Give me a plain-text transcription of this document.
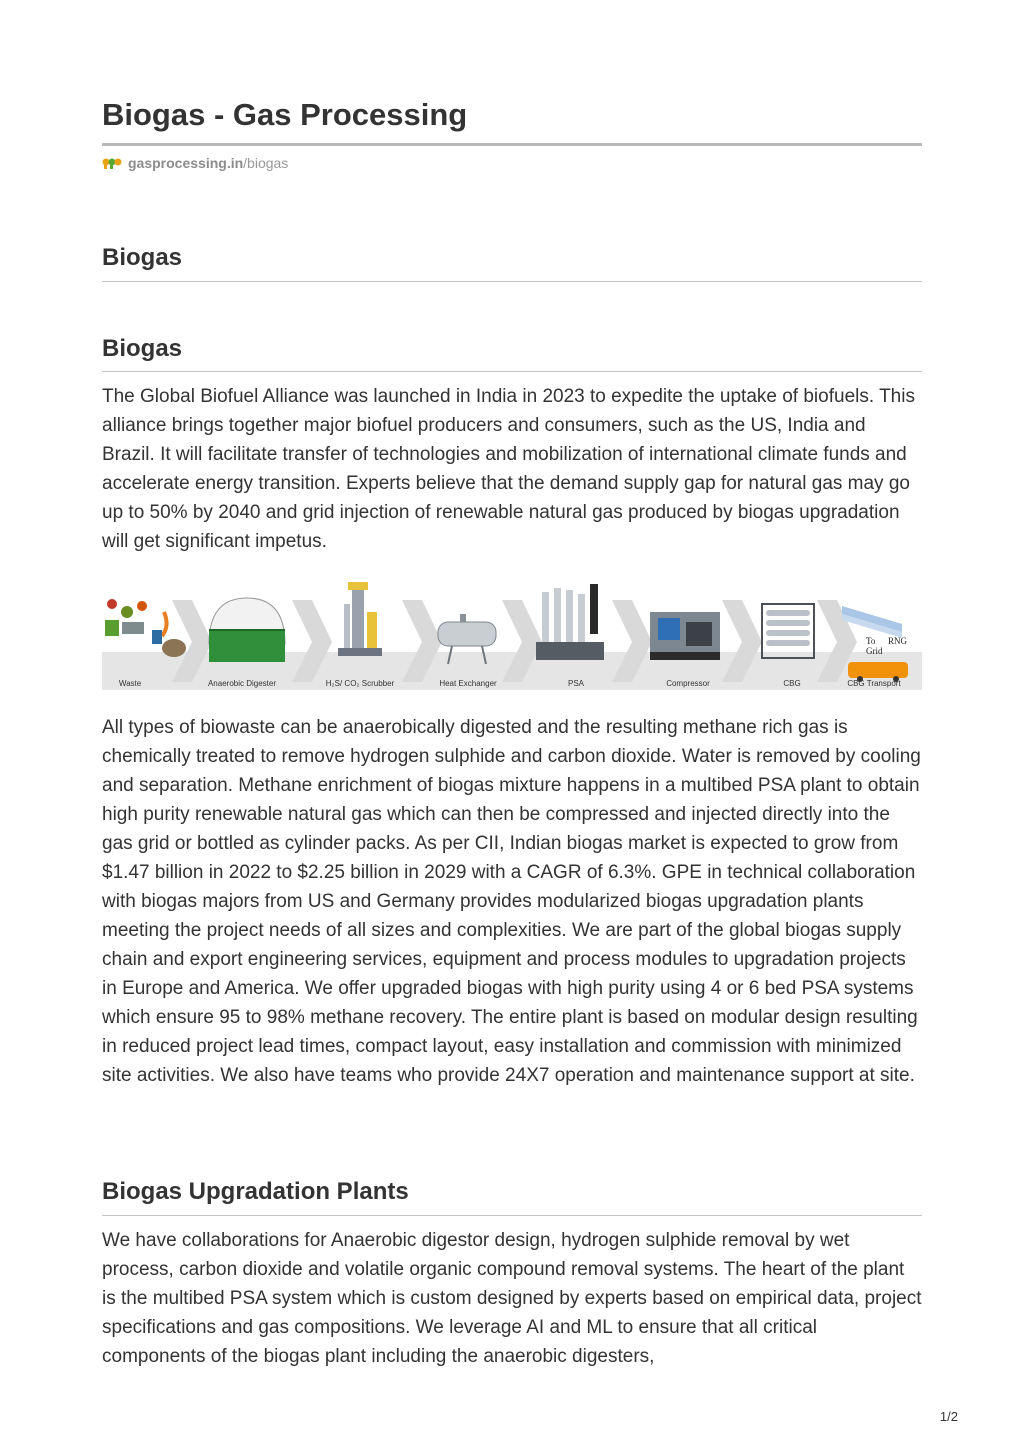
Biogas - Gas Processing
gasprocessing.in /biogas
Biogas
Biogas

The Global Biofuel Alliance was launched in India in 2023 to expedite the uptake of biofuels. This alliance brings together major biofuel producers and consumers, such as the US, India and Brazil. It will facilitate transfer of technologies and mobilization of international climate funds and accelerate energy transition. Experts believe that the demand supply gap for natural gas may go up to 50% by 2040 and grid injection of renewable natural gas produced by biogas upgradation will get significant impetus.

To RNG
Grid
Waste	Anaerobic Digester	H₂S/ CO₂ Scrubber	Heat Exchanger	PSA	Compressor	CBG	CBG Transport

All types of biowaste can be anaerobically digested and the resulting methane rich gas is chemically treated to remove hydrogen sulphide and carbon dioxide. Water is removed by cooling and separation. Methane enrichment of biogas mixture happens in a multibed PSA plant to obtain high purity renewable natural gas which can then be compressed and injected directly into the gas grid or bottled as cylinder packs. As per CII, Indian biogas market is expected to grow from $1.47 billion in 2022 to $2.25 billion in 2029 with a CAGR of 6.3%. GPE in technical collaboration with biogas majors from US and Germany provides modularized biogas upgradation plants meeting the project needs of all sizes and complexities. We are part of the global biogas supply chain and export engineering services, equipment and process modules to upgradation projects in Europe and America. We offer upgraded biogas with high purity using 4 or 6 bed PSA systems which ensure 95 to 98% methane recovery. The entire plant is based on modular design resulting in reduced project lead times, compact layout, easy installation and commission with minimized site activities. We also have teams who provide 24X7 operation and maintenance support at site.

Biogas Upgradation Plants

We have collaborations for Anaerobic digestor design, hydrogen sulphide removal by wet process, carbon dioxide and volatile organic compound removal systems. The heart of the plant is the multibed PSA system which is custom designed by experts based on empirical data, project specifications and gas compositions. We leverage AI and ML to ensure that all critical components of the biogas plant including the anaerobic digesters,

1/2
